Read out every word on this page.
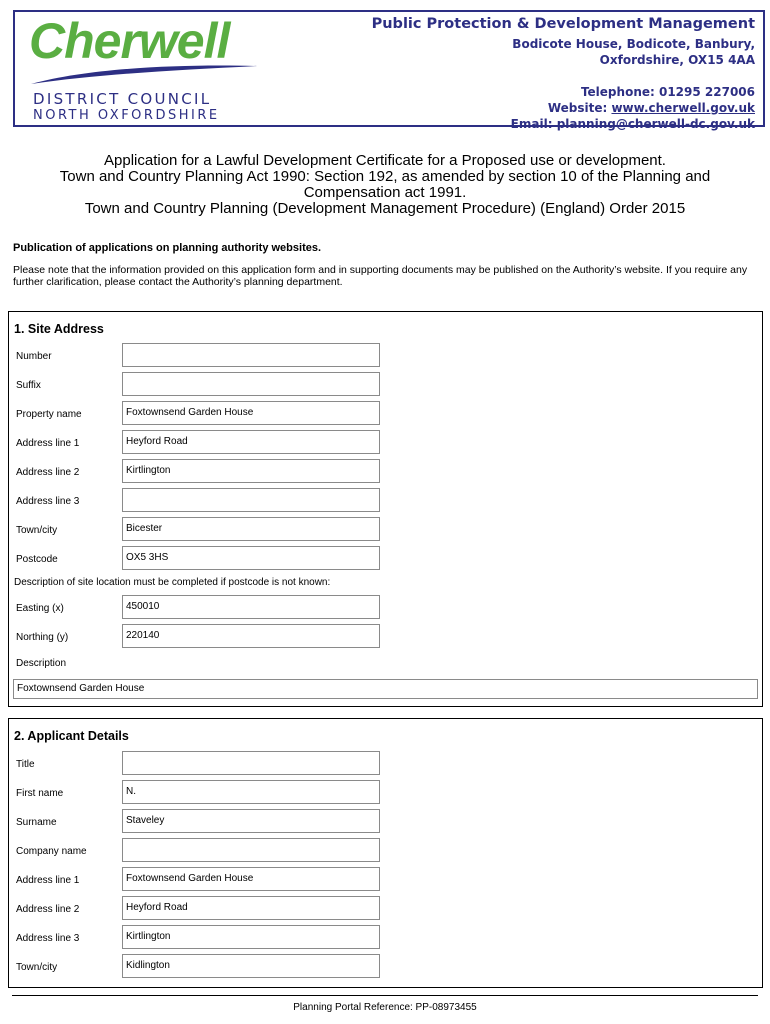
Cherwell
DISTRICT COUNCIL
NORTH OXFORDSHIRE
Public Protection & Development Management
Bodicote House, Bodicote, Banbury,
Oxfordshire, OX15 4AA
Telephone: 01295 227006
Website: www.cherwell.gov.uk
Email: planning@cherwell-dc.gov.uk
Application for a Lawful Development Certificate for a Proposed use or development.
Town and Country Planning Act 1990: Section 192, as amended by section 10 of the Planning and
Compensation act 1991.
Town and Country Planning (Development Management Procedure) (England) Order 2015
Publication of applications on planning authority websites.
Please note that the information provided on this application form and in supporting documents may be published on the Authority’s website. If you require any further clarification, please contact the Authority’s planning department.
1. Site Address
Number
Suffix
Property name	Foxtownsend Garden House
Address line 1	Heyford Road
Address line 2	Kirtlington
Address line 3
Town/city	Bicester
Postcode	OX5 3HS
Description of site location must be completed if postcode is not known:
Easting (x)	450010
Northing (y)	220140
Description
Foxtownsend Garden House
2. Applicant Details
Title
First name	N.
Surname	Staveley
Company name
Address line 1	Foxtownsend Garden House
Address line 2	Heyford Road
Address line 3	Kirtlington
Town/city	Kidlington
Planning Portal Reference: PP-08973455
